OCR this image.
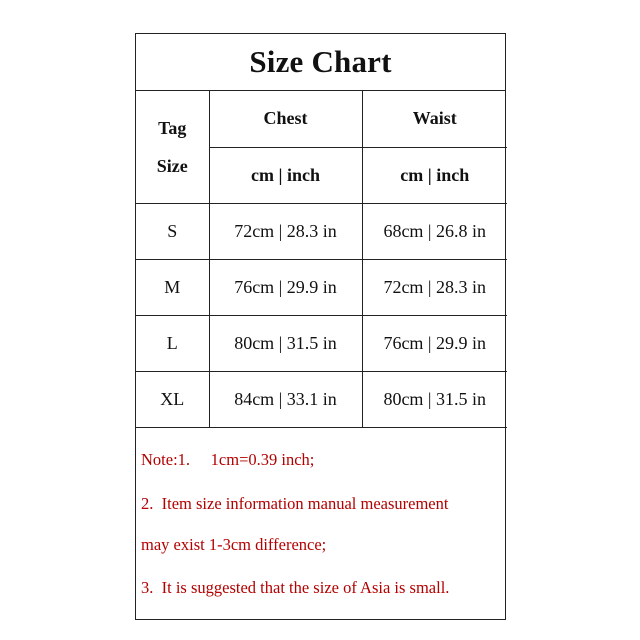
Size Chart
Tag
Size	Chest	Waist
	cm | inch	cm | inch
S	72cm | 28.3 in	68cm | 26.8 in
M	76cm | 29.9 in	72cm | 28.3 in
L	80cm | 31.5 in	76cm | 29.9 in
XL	84cm | 33.1 in	80cm | 31.5 in
Note:1.     1cm=0.39 inch;
2.  Item size information manual measurement
may exist 1-3cm difference;
3.  It is suggested that the size of Asia is small.
